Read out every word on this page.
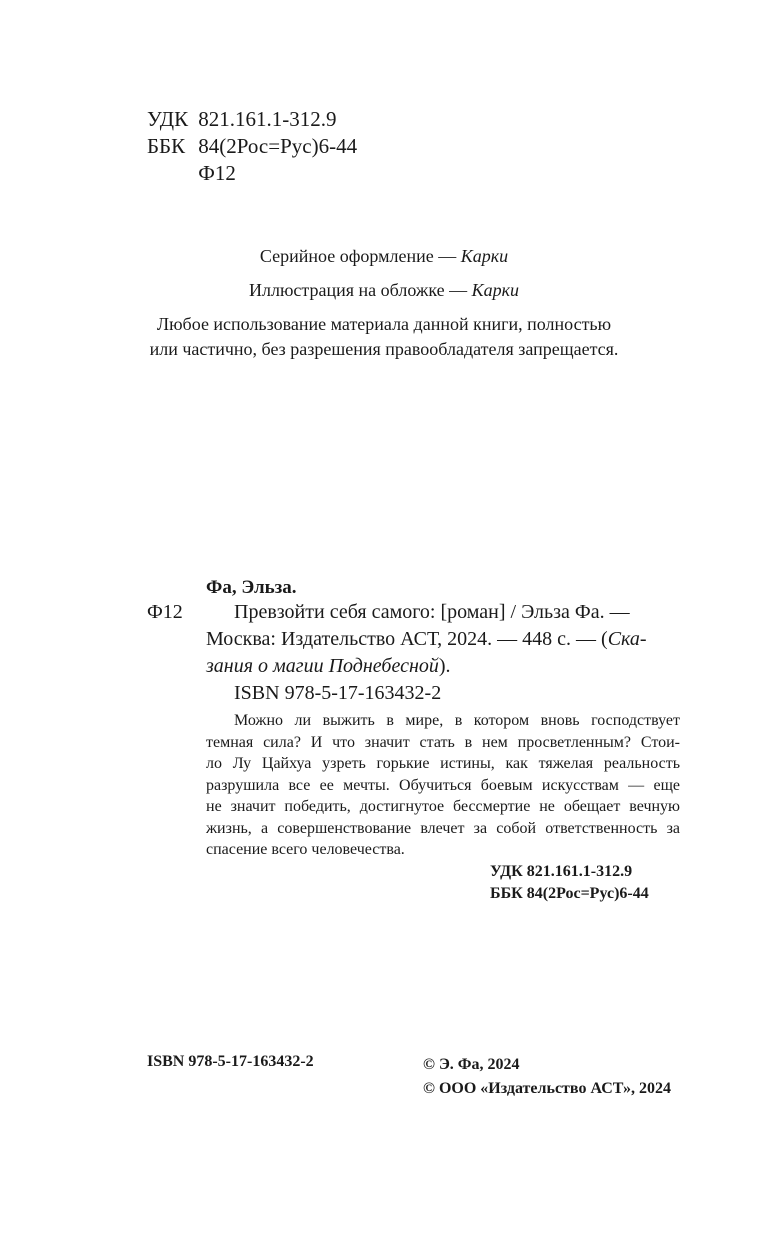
УДК 821.161.1-312.9
ББК 84(2Рос=Рус)6-44
Ф12
Серийное оформление — Карки
Иллюстрация на обложке — Карки
Любое использование материала данной книги, полностью
или частично, без разрешения правообладателя запрещается.
Фа, Эльза.
Ф12	Превзойти себя самого: [роман] / Эльза Фа. —
Москва: Издательство АСТ, 2024. — 448 с. — (Ска-
зания о магии Поднебесной).
ISBN 978-5-17-163432-2
Можно ли выжить в мире, в котором вновь господствует
темная сила? И что значит стать в нем просветленным? Стои-
ло Лу Цайхуа узреть горькие истины, как тяжелая реальность
разрушила все ее мечты. Обучиться боевым искусствам — еще
не значит победить, достигнутое бессмертие не обещает вечную
жизнь, а совершенствование влечет за собой ответственность за
спасение всего человечества.
УДК 821.161.1-312.9
ББК 84(2Рос=Рус)6-44
ISBN 978-5-17-163432-2	© Э. Фа, 2024
© ООО «Издательство АСТ», 2024
